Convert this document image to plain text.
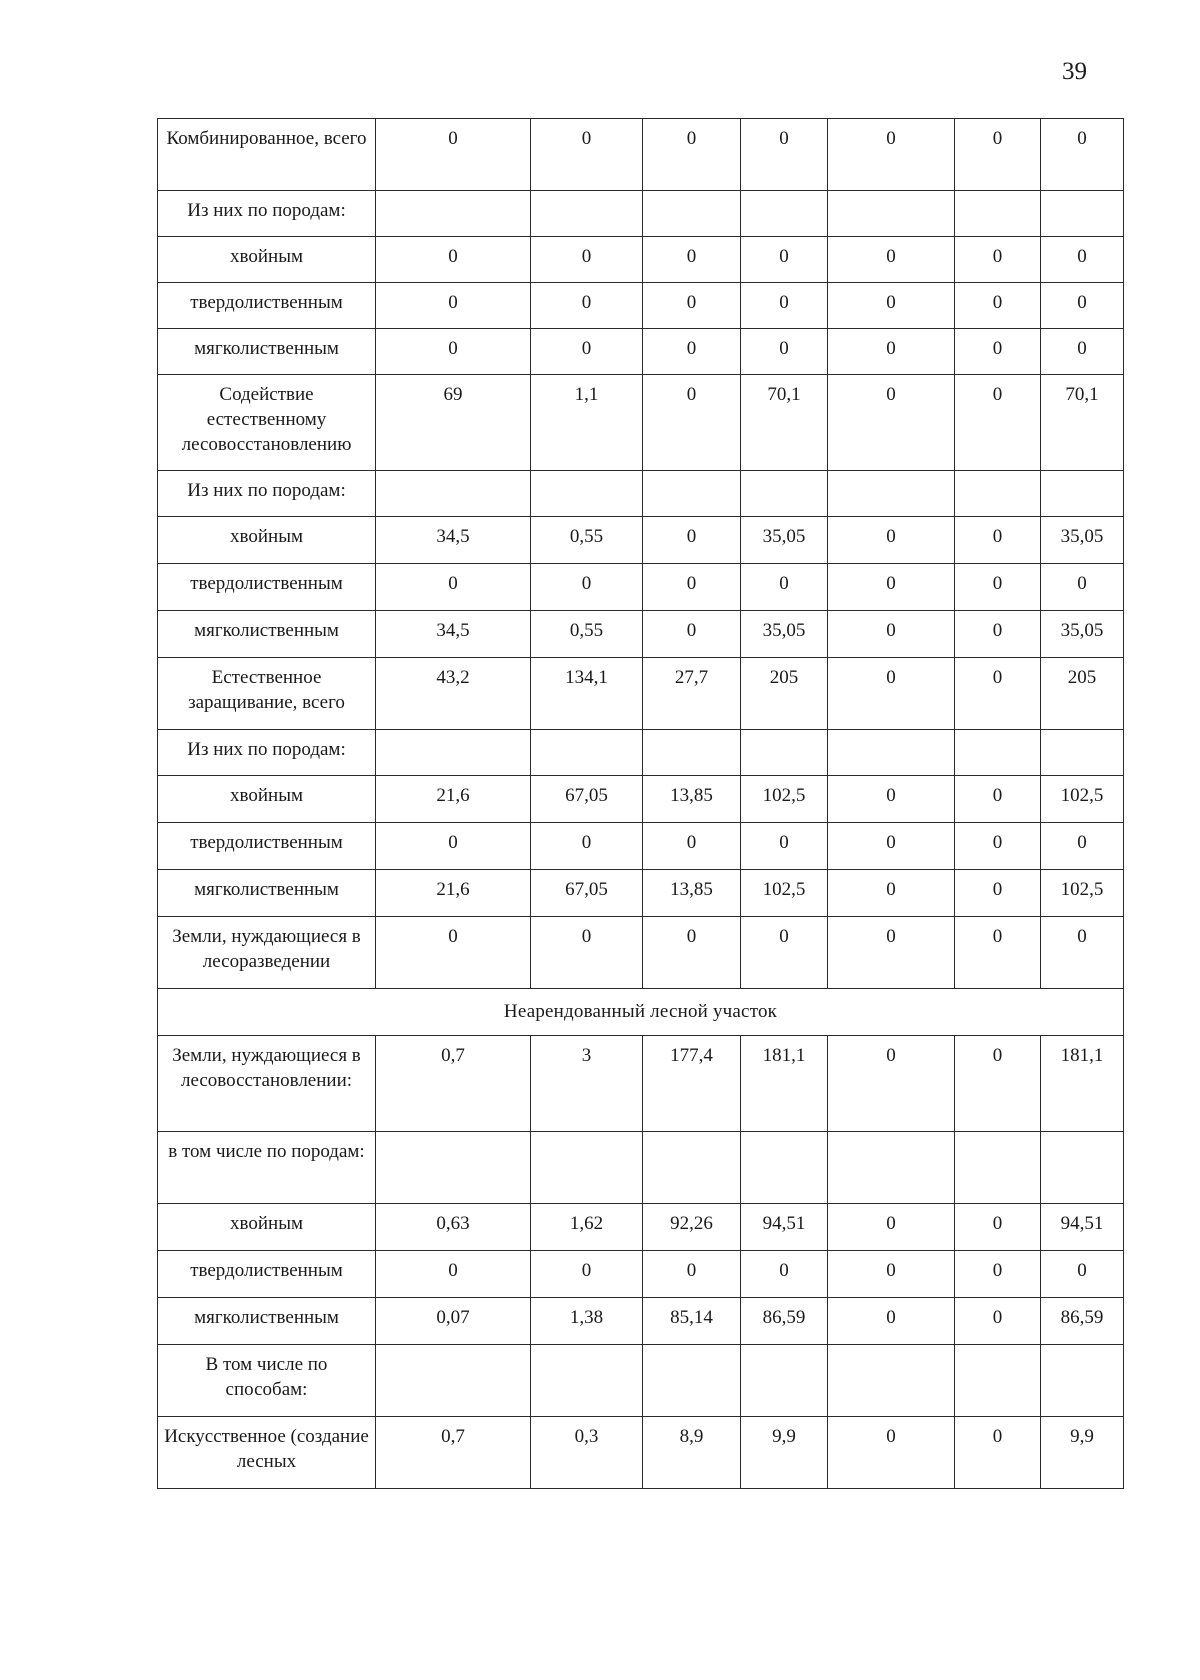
39
Комбинированное, всего	0	0	0	0	0	0	0
Из них по породам:							
хвойным	0	0	0	0	0	0	0
твердолиственным	0	0	0	0	0	0	0
мягколиственным	0	0	0	0	0	0	0
Содействие естественному лесовосстановлению	69	1,1	0	70,1	0	0	70,1
Из них по породам:							
хвойным	34,5	0,55	0	35,05	0	0	35,05
твердолиственным	0	0	0	0	0	0	0
мягколиственным	34,5	0,55	0	35,05	0	0	35,05
Естественное заращивание, всего	43,2	134,1	27,7	205	0	0	205
Из них по породам:							
хвойным	21,6	67,05	13,85	102,5	0	0	102,5
твердолиственным	0	0	0	0	0	0	0
мягколиственным	21,6	67,05	13,85	102,5	0	0	102,5
Земли, нуждающиеся в лесоразведении	0	0	0	0	0	0	0
Неарендованный лесной участок							
Земли, нуждающиеся в лесовосстановлении:	0,7	3	177,4	181,1	0	0	181,1
в том числе по породам:							
хвойным	0,63	1,62	92,26	94,51	0	0	94,51
твердолиственным	0	0	0	0	0	0	0
мягколиственным	0,07	1,38	85,14	86,59	0	0	86,59
В том числе по способам:							
Искусственное (создание лесных	0,7	0,3	8,9	9,9	0	0	9,9
